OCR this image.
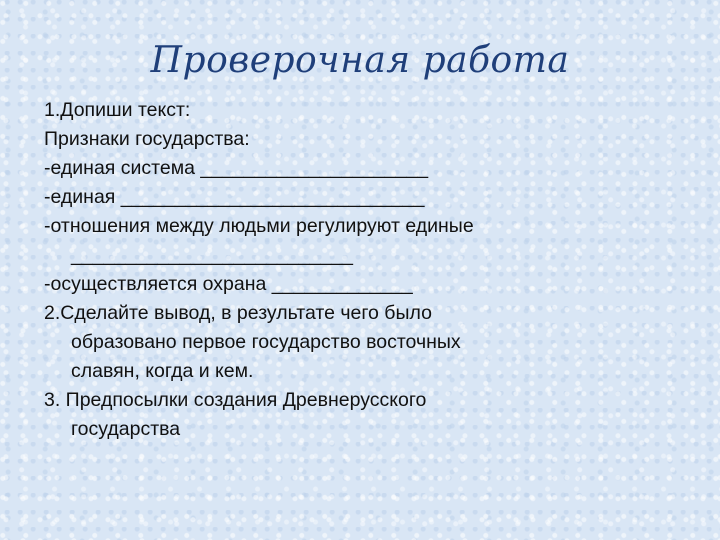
Проверочная работа

1.Допиши текст:

Признаки государства:

-единая система _____________________

-единая ____________________________

-отношения между людьми регулируют единые

__________________________

-осуществляется охрана _____________

2.Сделайте вывод, в результате чего было

образовано первое государство восточных

славян, когда и кем.

3. Предпосылки создания Древнерусского

государства
